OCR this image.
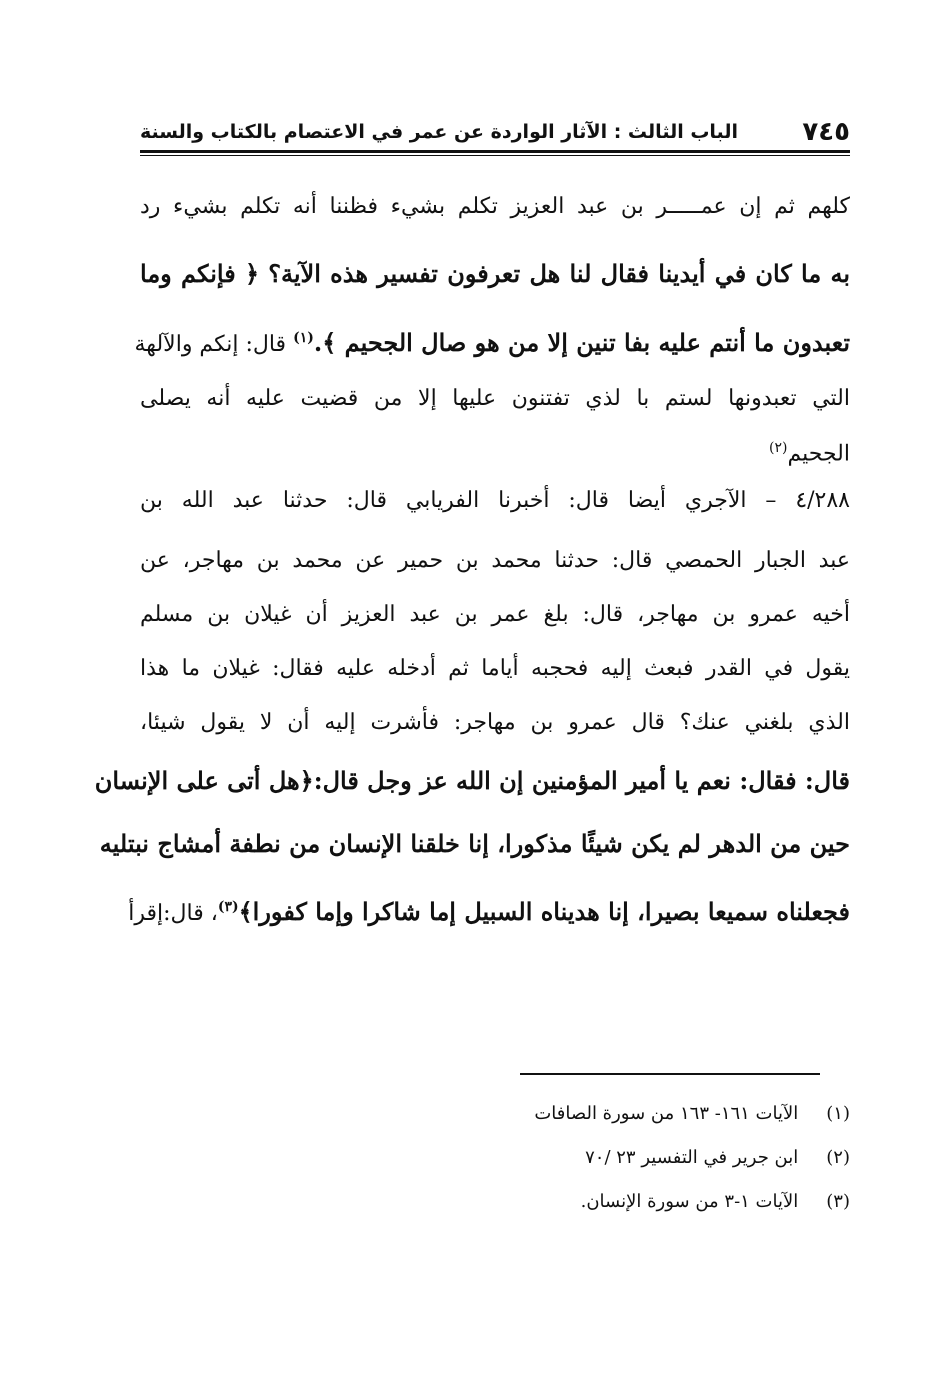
٧٤٥
الباب الثالث : الآثار الواردة عن عمر في الاعتصام بالكتاب والسنة
كلهم ثم إن عمـــــر بن عبد العزيز تكلم بشيء فظننا أنه تكلم بشيء رد
به ما كان في أيدينا فقال لنا هل تعرفون تفسير هذه الآية؟ ﴿ فإنكم وما
تعبدون ما أنتم عليه بفا تنين إلا من هو صال الجحيم ﴾.$^{(١)}$ قال: إنكم والآلهة
التي تعبدونها لستم با لذي تفتنون عليها إلا من قضيت عليه أنه يصلى
الجحيم$^{(٢)}$
٤/٢٨٨ – الآجري أيضا قال: أخبرنا الفريابي قال: حدثنا عبد الله بن
عبد الجبار الحمصي قال: حدثنا محمد بن حمير عن محمد بن مهاجر، عن
أخيه عمرو بن مهاجر، قال: بلغ عمر بن عبد العزيز أن غيلان بن مسلم
يقول في القدر فبعث إليه فحجبه أياما ثم أدخله عليه فقال: غيلان ما هذا
الذي بلغني عنك؟ قال عمرو بن مهاجر: فأشرت إليه أن لا يقول شيئا،
قال: فقال: نعم يا أمير المؤمنين إن الله عز وجل قال:﴿هل أتى على الإنسان
حين من الدهر لم يكن شيئًا مذكورا، إنا خلقنا الإنسان من نطفة أمشاج نبتليه
فجعلناه سميعا بصيرا، إنا هديناه السبيل إما شاكرا وإما كفورا﴾$^{(٣)}$، قال:إقرأ
(١) الآيات ١٦١- ١٦٣ من سورة الصافات
(٢) ابن جرير في التفسير ٢٣ /٧٠
(٣) الآيات ١-٣ من سورة الإنسان.
